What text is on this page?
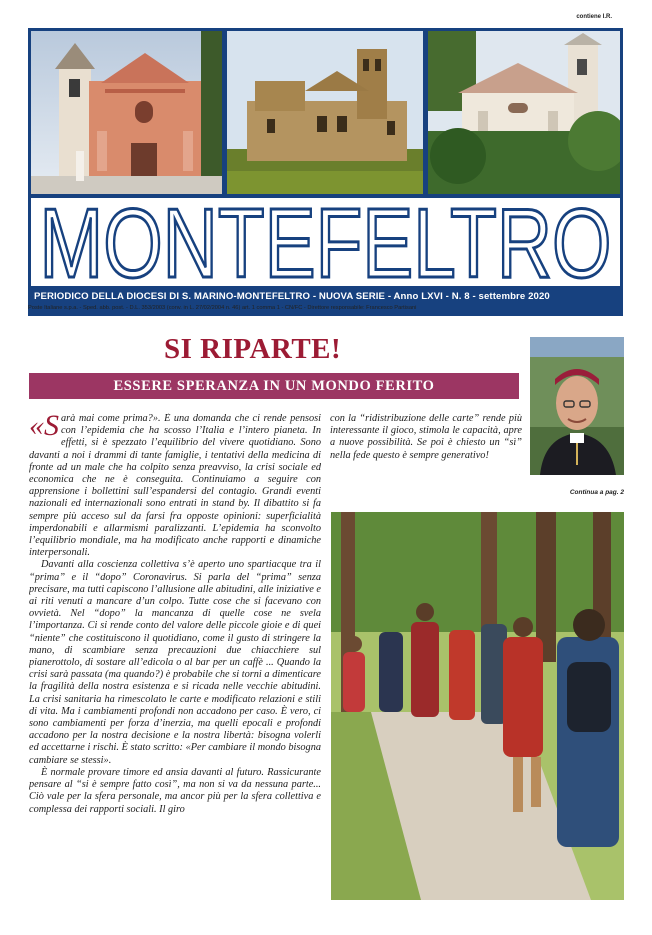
contiene I.R.
MONTEFELTRO
PERIODICO DELLA DIOCESI DI S. MARINO-MONTEFELTRO - NUOVA SERIE - Anno LXVI - N. 8 - settembre 2020
Poste Italiane s.p.a. - Sped. abb. post. - D.L. 353/2003 (conv. in L. 27/02/2004 n. 46) art. 1 comma 1 - CN/FC - Direttore responsabile: Francesco Partisani
SI RIPARTE!
ESSERE SPERANZA IN UN MONDO FERITO

«Sarà mai come prima?». È una domanda che ci rende pensosi con l’epidemia che ha scosso l’Italia e l’intero pianeta. In effetti, si è spezzato l’equilibrio del vivere quotidiano. Sono davanti a noi i drammi di tante famiglie, i tentativi della medicina di fronte ad un male che ha colpito senza preavviso, la crisi sociale ed economica che ne è conseguita. Continuiamo a seguire con apprensione i bollettini sull’espandersi del contagio. Grandi eventi nazionali ed internazionali sono entrati in stand by. Il dibattito si fa sempre più acceso sul da farsi fra opposte opinioni: superficialità imperdonabili e allarmismi paralizzanti. L’epidemia ha sconvolto l’equilibrio mondiale, ma ha modificato anche rapporti e dinamiche interpersonali.

Davanti alla coscienza collettiva s’è aperto uno spartiacque tra il “prima” e il “dopo” Coronavirus. Si parla del “prima” senza precisare, ma tutti capiscono l’allusione alle abitudini, alle iniziative e ai riti venuti a mancare d’un colpo. Tutte cose che si facevano con ovvietà. Nel “dopo” la mancanza di quelle cose ne svela l’importanza. Ci si rende conto del valore delle piccole gioie e di quei “niente” che costituiscono il quotidiano, come il gusto di stringere la mano, di scambiare senza precauzioni due chiacchiere sul pianerottolo, di sostare all’edicola o al bar per un caffè ... Quando la crisi sarà passata (ma quando?) è probabile che si torni a dimenticare la fragilità della nostra esistenza e si ricada nelle vecchie abitudini. La crisi sanitaria ha rimescolato le carte e modificato relazioni e stili di vita. Ma i cambiamenti profondi non accadono per caso. È vero, ci sono cambiamenti per forza d’inerzia, ma quelli epocali e profondi accadono per la nostra decisione e la nostra libertà: bisogna volerli ed accettarne i rischi. È stato scritto: «Per cambiare il mondo bisogna cambiare se stessi».

È normale provare timore ed ansia davanti al futuro. Rassicurante pensare al “si è sempre fatto così”, ma non si va da nessuna parte... Ciò vale per la sfera personale, ma ancor più per la sfera collettiva e complessa dei rapporti sociali. Il giro

con la “ridistribuzione delle carte” rende più interessante il gioco, stimola le capacità, apre a nuove possibilità. Se poi è chiesto un “sì” nella fede questo è sempre generativo!

Continua a pag. 2
